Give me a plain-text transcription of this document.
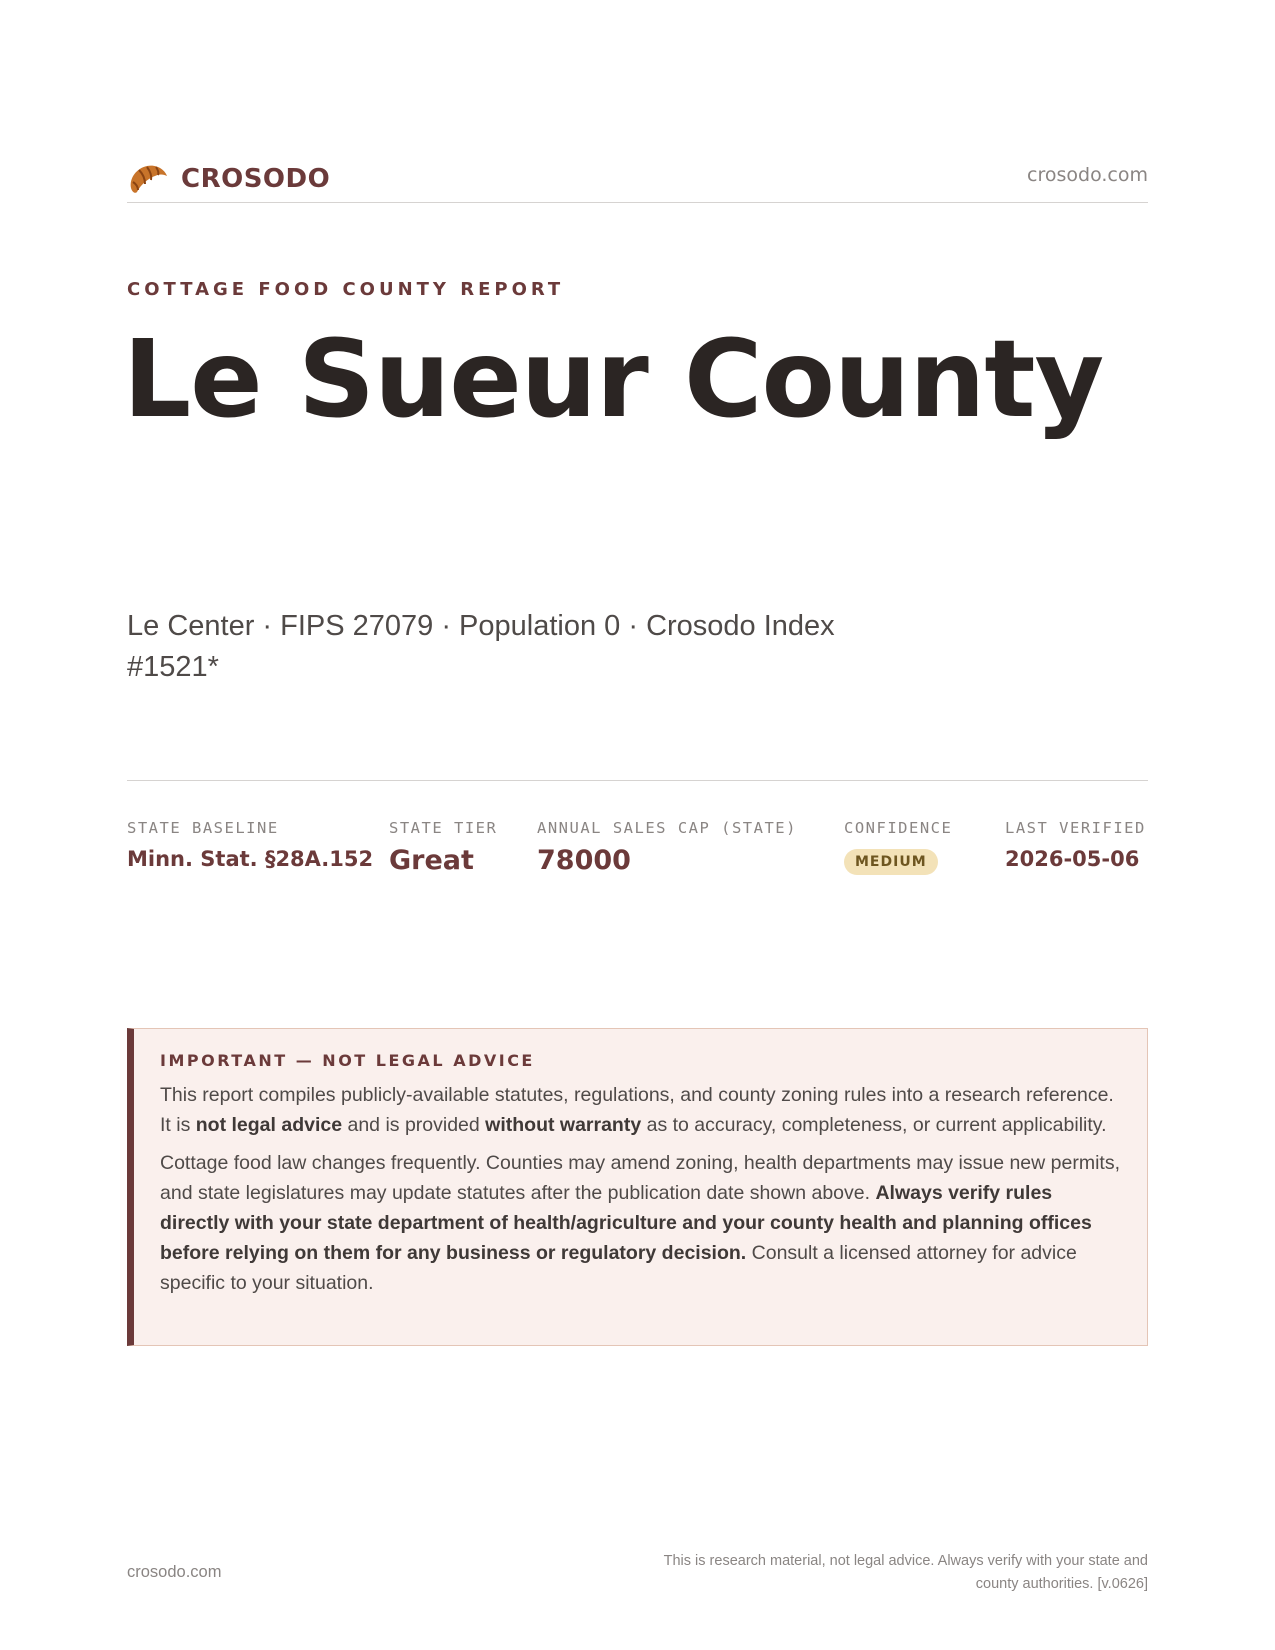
CROSODO	crosodo.com
COTTAGE FOOD COUNTY REPORT
Le Sueur County
Le Center · FIPS 27079 · Population 0 · Crosodo Index #1521*
STATE BASELINE
Minn. Stat. §28A.152
STATE TIER
Great
ANNUAL SALES CAP (STATE)
78000
CONFIDENCE
MEDIUM
LAST VERIFIED
2026-05-06
IMPORTANT — NOT LEGAL ADVICE

This report compiles publicly-available statutes, regulations, and county zoning rules into a research reference. It is not legal advice and is provided without warranty as to accuracy, completeness, or current applicability.

Cottage food law changes frequently. Counties may amend zoning, health departments may issue new permits, and state legislatures may update statutes after the publication date shown above. Always verify rules directly with your state department of health/agriculture and your county health and planning offices before relying on them for any business or regulatory decision. Consult a licensed attorney for advice specific to your situation.

crosodo.com
This is research material, not legal advice. Always verify with your state and county authorities. [v.0626]
